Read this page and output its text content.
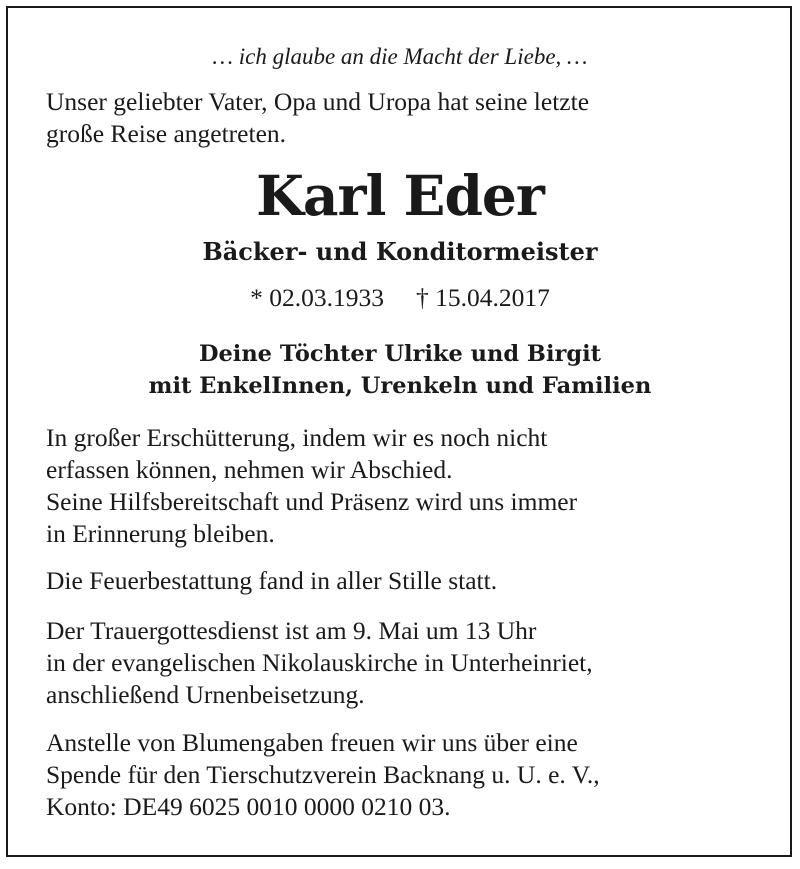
… ich glaube an die Macht der Liebe, …
Unser geliebter Vater, Opa und Uropa hat seine letzte
große Reise angetreten.
Karl Eder
Bäcker- und Konditormeister
* 02.03.1933 † 15.04.2017
Deine Töchter Ulrike und Birgit
mit EnkelInnen, Urenkeln und Familien
In großer Erschütterung, indem wir es noch nicht
erfassen können, nehmen wir Abschied.
Seine Hilfsbereitschaft und Präsenz wird uns immer
in Erinnerung bleiben.
Die Feuerbestattung fand in aller Stille statt.
Der Trauergottesdienst ist am 9. Mai um 13 Uhr
in der evangelischen Nikolauskirche in Unterheinriet,
anschließend Urnenbeisetzung.
Anstelle von Blumengaben freuen wir uns über eine
Spende für den Tierschutzverein Backnang u. U. e. V.,
Konto: DE49 6025 0010 0000 0210 03.
